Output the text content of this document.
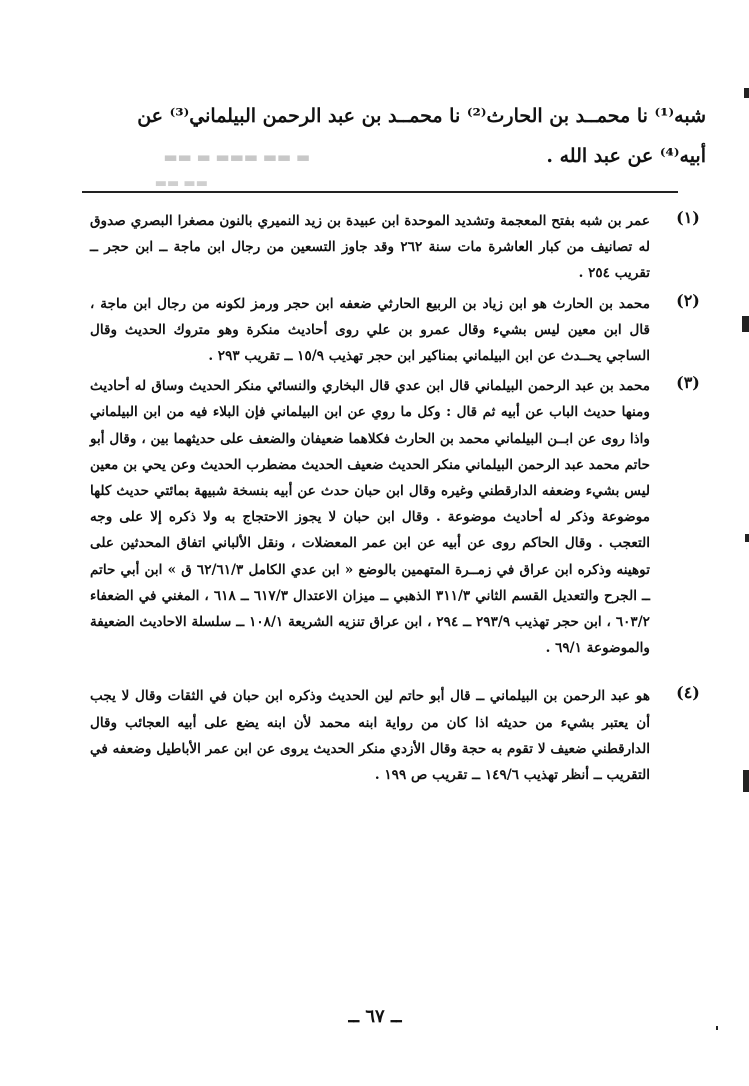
شبه⁽¹⁾ نا محمــد بن الحارث⁽²⁾ نا محمــد بن عبد الرحمن البيلماني⁽³⁾ عن

أبيه⁽⁴⁾ عن عبد الله .

▬ ▬▬ ▬▬▬ ▬ ▬▬
▬▬ ▬▬
(١)
عمر بن شبه بفتح المعجمة وتشديد الموحدة ابن عبيدة بن زيد النميري بالنون مصغرا البصري صدوق له تصانيف من كبار العاشرة مات سنة ٢٦٢ وقد جاوز التسعين من رجال ابن ماجة ــ ابن حجر ــ تقريب ٢٥٤ .
(٢)
محمد بن الحارث هو ابن زياد بن الربيع الحارثي ضعفه ابن حجر ورمز لكونه من رجال ابن ماجة ، قال ابن معين ليس بشيء وقال عمرو بن علي روى أحاديث منكرة وهو متروك الحديث وقال الساجي يحــدث عن ابن البيلماني بمناكير ابن حجر تهذيب ١٥/٩ ــ تقريب ٢٩٣ .
(٣)
محمد بن عبد الرحمن البيلماني قال ابن عدي قال البخاري والنسائي منكر الحديث وساق له أحاديث ومنها حديث الباب عن أبيه ثم قال : وكل ما روي عن ابن البيلماني فإن البلاء فيه من ابن البيلماني واذا روى عن ابــن البيلماني محمد بن الحارث فكلاهما ضعيفان والضعف على حديثهما بين ، وقال أبو حاتم محمد عبد الرحمن البيلماني منكر الحديث ضعيف الحديث مضطرب الحديث وعن يحي بن معين ليس بشيء وضعفه الدارقطني وغيره وقال ابن حبان حدث عن أبيه بنسخة شبيهة بمائتي حديث كلها موضوعة وذكر له أحاديث موضوعة . وقال ابن حبان لا يجوز الاحتجاج به ولا ذكره إلا على وجه التعجب . وقال الحاكم روى عن أبيه عن ابن عمر المعضلات ، ونقل الألباني اتفاق المحدثين على توهينه وذكره ابن عراق في زمــرة المتهمين بالوضع « ابن عدي الكامل ٦٢/٦١/٣ ق » ابن أبي حاتم ــ الجرح والتعديل القسم الثاني ٣١١/٣ الذهبي ــ ميزان الاعتدال ٦١٧/٣ ــ ٦١٨ ، المغني في الضعفاء ٦٠٣/٢ ، ابن حجر تهذيب ٢٩٣/٩ ــ ٢٩٤ ، ابن عراق تنزيه الشريعة ١٠٨/١ ــ سلسلة الاحاديث الضعيفة والموضوعة ٦٩/١ .
(٤)
هو عبد الرحمن بن البيلماني ــ قال أبو حاتم لين الحديث وذكره ابن حبان في الثقات وقال لا يجب أن يعتبر بشيء من حديثه اذا كان من رواية ابنه محمد لأن ابنه يضع على أبيه العجائب وقال الدارقطني ضعيف لا تقوم به حجة وقال الأزدي منكر الحديث يروى عن ابن عمر الأباطيل وضعفه في التقريب ــ أنظر تهذيب ١٤٩/٦ ــ تقريب ص ١٩٩ .
ــ ٦٧ ــ
